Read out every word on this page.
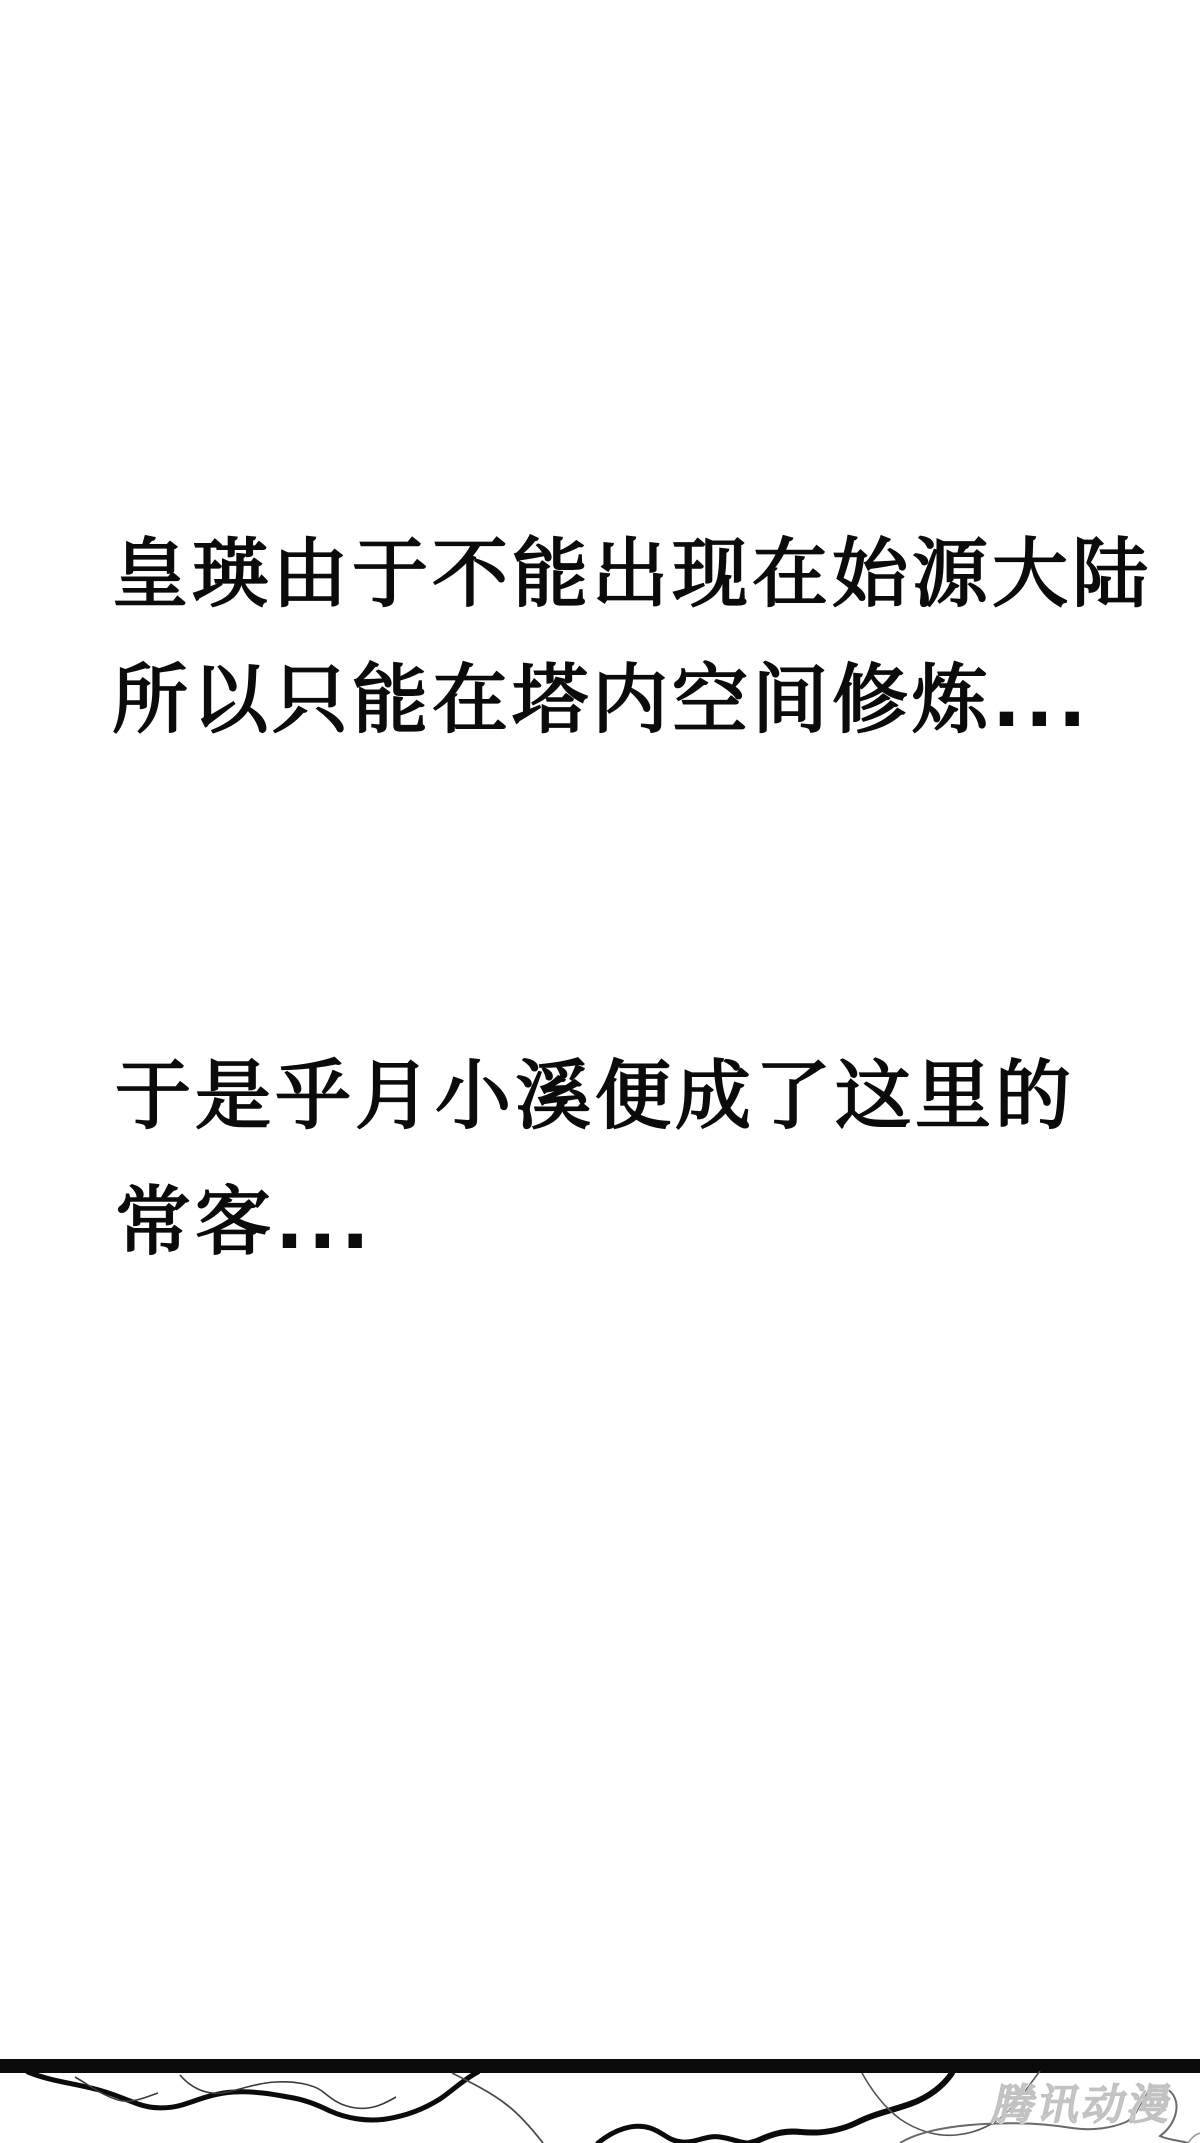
皇瑛由于不能出现在始源大陆
所以只能在塔内空间修炼...
于是乎月小溪便成了这里的
常客...
腾讯动漫
